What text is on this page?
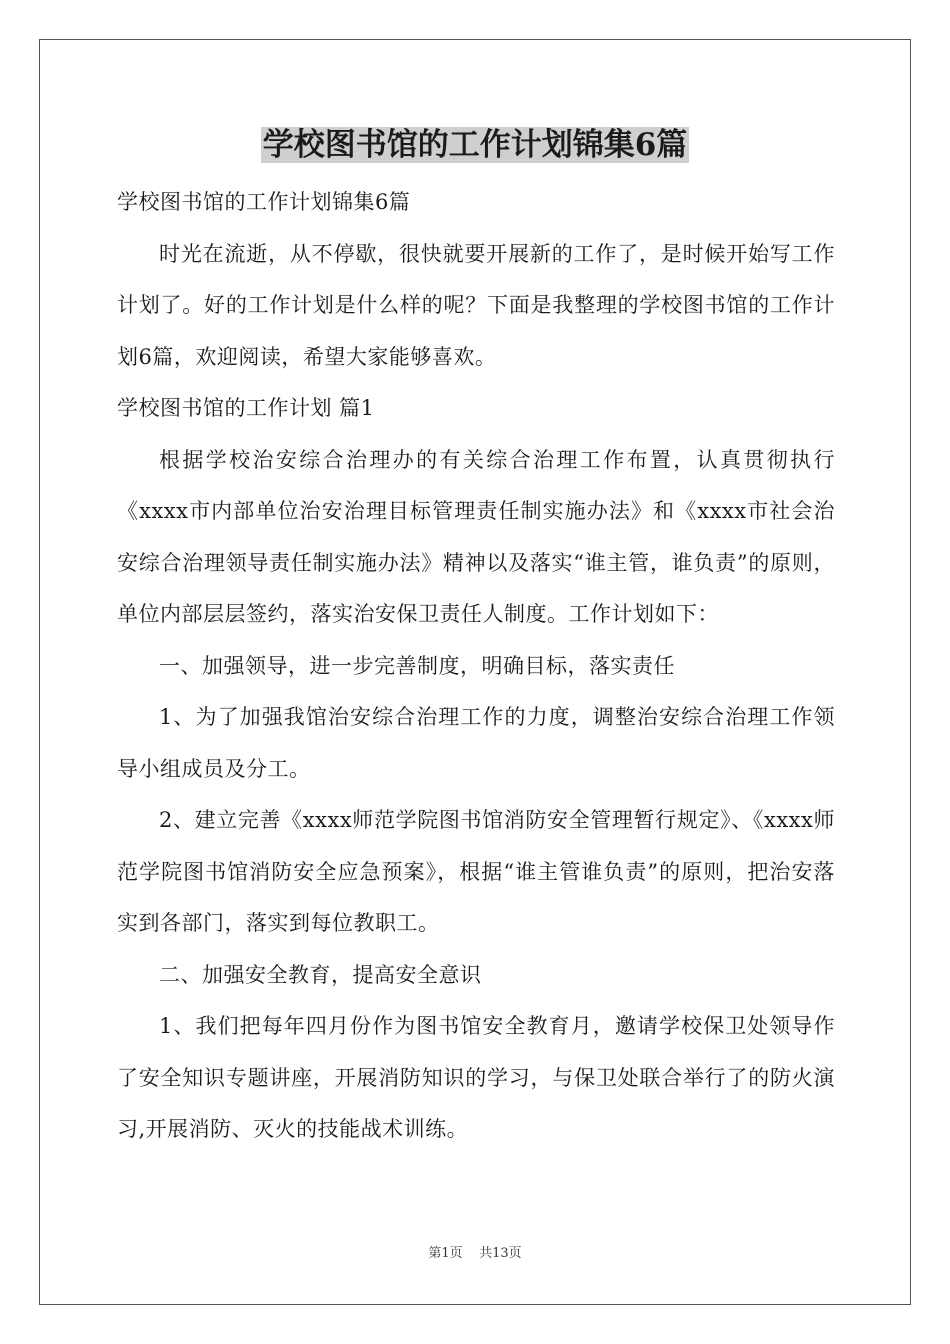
学校图书馆的工作计划锦集6篇

学校图书馆的工作计划锦集6篇

时光在流逝，从不停歇，很快就要开展新的工作了，是时候开始写工作计划了。好的工作计划是什么样的呢？下面是我整理的学校图书馆的工作计划6篇，欢迎阅读，希望大家能够喜欢。

学校图书馆的工作计划 篇1

根据学校治安综合治理办的有关综合治理工作布置，认真贯彻执行《xxxx市内部单位治安治理目标管理责任制实施办法》和《xxxx市社会治安综合治理领导责任制实施办法》精神以及落实“谁主管，谁负责”的原则，单位内部层层签约，落实治安保卫责任人制度。工作计划如下：

一、加强领导，进一步完善制度，明确目标，落实责任

1、为了加强我馆治安综合治理工作的力度，调整治安综合治理工作领导小组成员及分工。

2、建立完善《xxxx师范学院图书馆消防安全管理暂行规定》、《xxxx师范学院图书馆消防安全应急预案》，根据“谁主管谁负责”的原则，把治安落实到各部门，落实到每位教职工。

二、加强安全教育，提高安全意识

1、我们把每年四月份作为图书馆安全教育月，邀请学校保卫处领导作了安全知识专题讲座，开展消防知识的学习，与保卫处联合举行了的防火演习,开展消防、灭火的技能战术训练。

第1页 共13页
